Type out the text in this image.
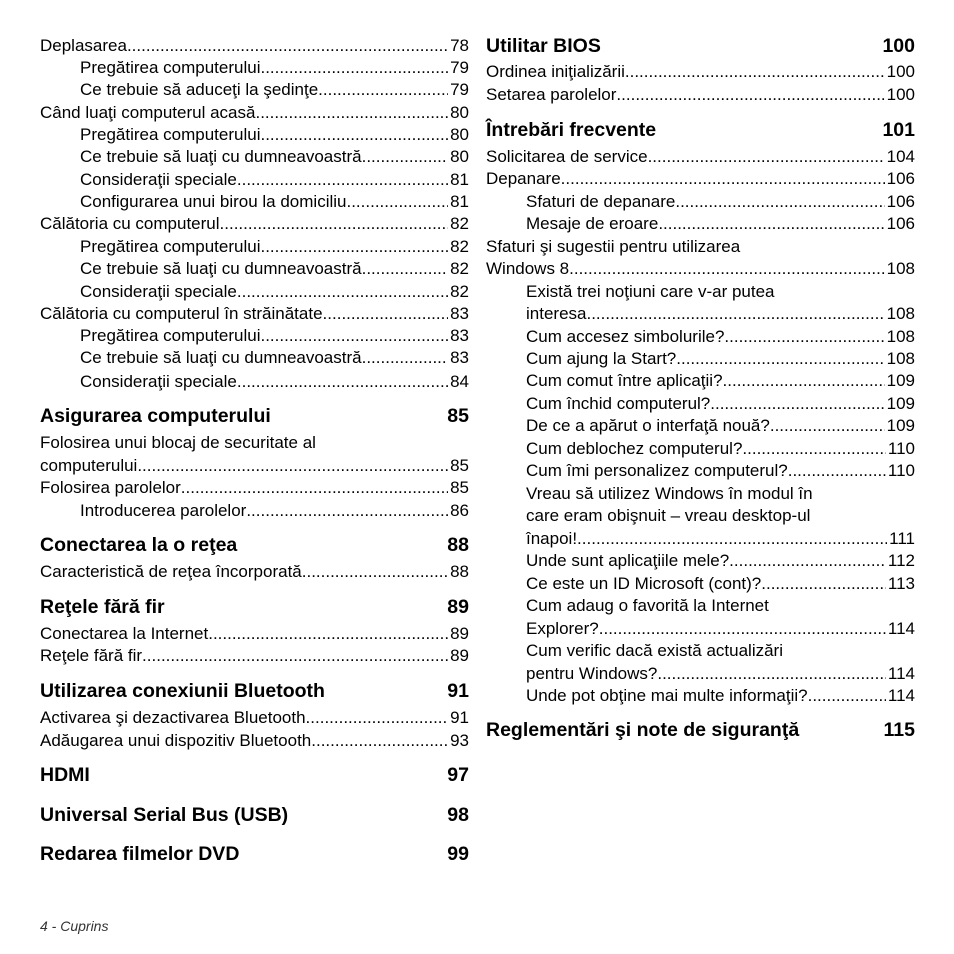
Deplasarea .....	78
Pregătirea computerului .....	79
Ce trebuie să aduceţi la şedinţe .....	79
Când luaţi computerul acasă .....	80
Pregătirea computerului .....	80
Ce trebuie să luaţi cu dumneavoastră .....	80
Consideraţii speciale .....	81
Configurarea unui birou la domiciliu .....	81
Călătoria cu computerul .....	82
Pregătirea computerului .....	82
Ce trebuie să luaţi cu dumneavoastră .....	82
Consideraţii speciale .....	82
Călătoria cu computerul în străinătate .....	83
Pregătirea computerului .....	83
Ce trebuie să luaţi cu dumneavoastră .....	83
Consideraţii speciale .....	84
Asigurarea computerului	85
Folosirea unui blocaj de securitate al
computerului .....	85
Folosirea parolelor .....	85
Introducerea parolelor .....	86
Conectarea la o reţea	88
Caracteristică de reţea încorporată .....	88
Reţele fără fir	89
Conectarea la Internet .....	89
Reţele fără fir .....	89
Utilizarea conexiunii Bluetooth	91
Activarea şi dezactivarea Bluetooth .....	91
Adăugarea unui dispozitiv Bluetooth .....	93
HDMI	97
Universal Serial Bus (USB)	98
Redarea filmelor DVD	99
Utilitar BIOS	100
Ordinea iniţializării .....	100
Setarea parolelor .....	100
Întrebări frecvente	101
Solicitarea de service .....	104
Depanare .....	106
Sfaturi de depanare .....	106
Mesaje de eroare .....	106
Sfaturi şi sugestii pentru utilizarea
Windows 8 .....	108
Există trei noţiuni care v-ar putea
interesa .....	108
Cum accesez simbolurile? .....	108
Cum ajung la Start? .....	108
Cum comut între aplicaţii? .....	109
Cum închid computerul? .....	109
De ce a apărut o interfaţă nouă? .....	109
Cum deblochez computerul? .....	110
Cum îmi personalizez computerul? .....	110
Vreau să utilizez Windows în modul în
care eram obişnuit – vreau desktop-ul
înapoi! .....	111
Unde sunt aplicaţiile mele? .....	112
Ce este un ID Microsoft (cont)? .....	113
Cum adaug o favorită la Internet
Explorer? .....	114
Cum verific dacă există actualizări
pentru Windows? .....	114
Unde pot obţine mai multe informaţii? .....	114
Reglementări şi note de siguranţă	115
4 - Cuprins
